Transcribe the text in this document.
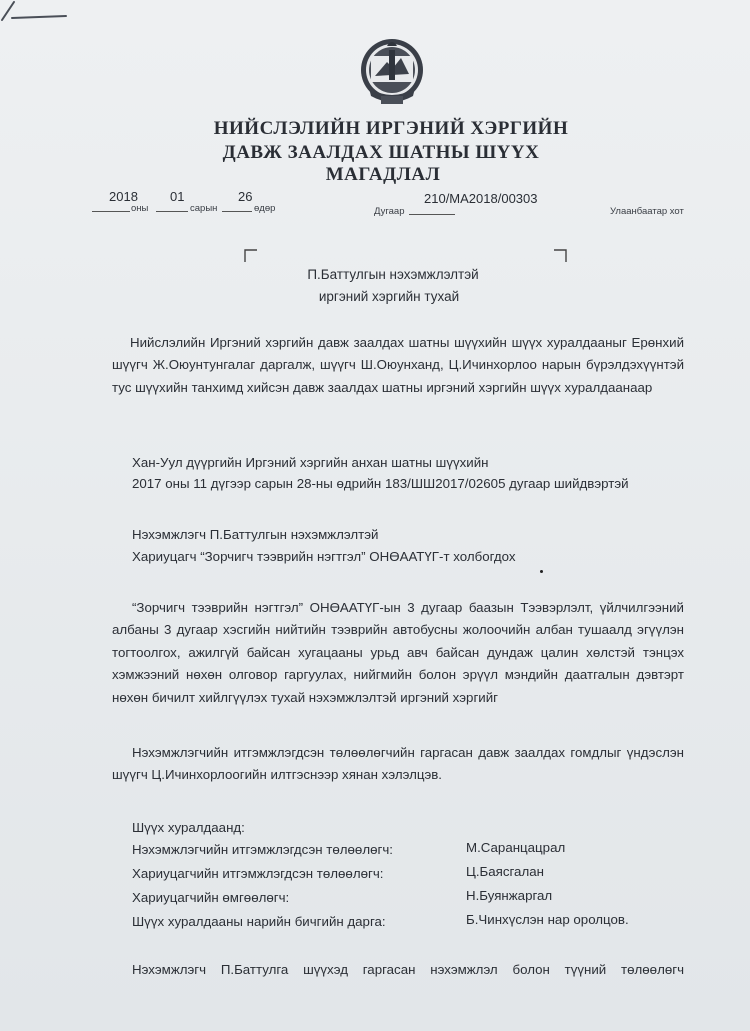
НИЙСЛЭЛИЙН ИРГЭНИЙ ХЭРГИЙН
ДАВЖ ЗААЛДАХ ШАТНЫ ШҮҮХ
МАГАДЛАЛ
2018
оны
01
сарын
26
өдөр	Дугаар
210/МА2018/00303
Улаанбаатар хот
П.Баттулгын нэхэмжлэлтэй
иргэний хэргийн тухай
Нийслэлийн Иргэний хэргийн давж заалдах шатны шүүхийн шүүх хуралдааныг Ерөнхий шүүгч Ж.Оюунтунгалаг даргалж, шүүгч Ш.Оюунханд, Ц.Ичинхорлоо нарын бүрэлдэхүүнтэй тус шүүхийн танхимд хийсэн давж заалдах шатны иргэний хэргийн шүүх хуралдаанаар
Хан-Уул дүүргийн Иргэний хэргийн анхан шатны шүүхийн
2017 оны 11 дүгээр сарын 28-ны өдрийн 183/ШШ2017/02605 дугаар шийдвэртэй
Нэхэмжлэгч П.Баттулгын нэхэмжлэлтэй
Хариуцагч “Зорчигч тээврийн нэгтгэл” ОНӨААТҮГ-т холбогдох
“Зорчигч тээврийн нэгтгэл” ОНӨААТҮГ-ын 3 дугаар баазын Тээвэрлэлт, үйлчилгээний албаны 3 дугаар хэсгийн нийтийн тээврийн автобусны жолоочийн албан тушаалд эгүүлэн тогтоолгох, ажилгүй байсан хугацааны урьд авч байсан дундаж цалин хөлстэй тэнцэх хэмжээний нөхөн олговор гаргуулах, нийгмийн болон эрүүл мэндийн даатгалын дэвтэрт нөхөн бичилт хийлгүүлэх тухай нэхэмжлэлтэй иргэний хэргийг
Нэхэмжлэгчийн итгэмжлэгдсэн төлөөлөгчийн гаргасан давж заалдах гомдлыг үндэслэн шүүгч Ц.Ичинхорлоогийн илтгэснээр хянан хэлэлцэв.
Шүүх хуралдаанд:
Нэхэмжлэгчийн итгэмжлэгдсэн төлөөлөгч:	М.Саранцацрал
Хариуцагчийн итгэмжлэгдсэн төлөөлөгч:	Ц.Баясгалан
Хариуцагчийн өмгөөлөгч:	Н.Буянжаргал
Шүүх хуралдааны нарийн бичгийн дарга:	Б.Чинхүслэн нар оролцов.
Нэхэмжлэгч П.Баттулга шүүхэд гаргасан нэхэмжлэл болон түүний төлөөлөгч
